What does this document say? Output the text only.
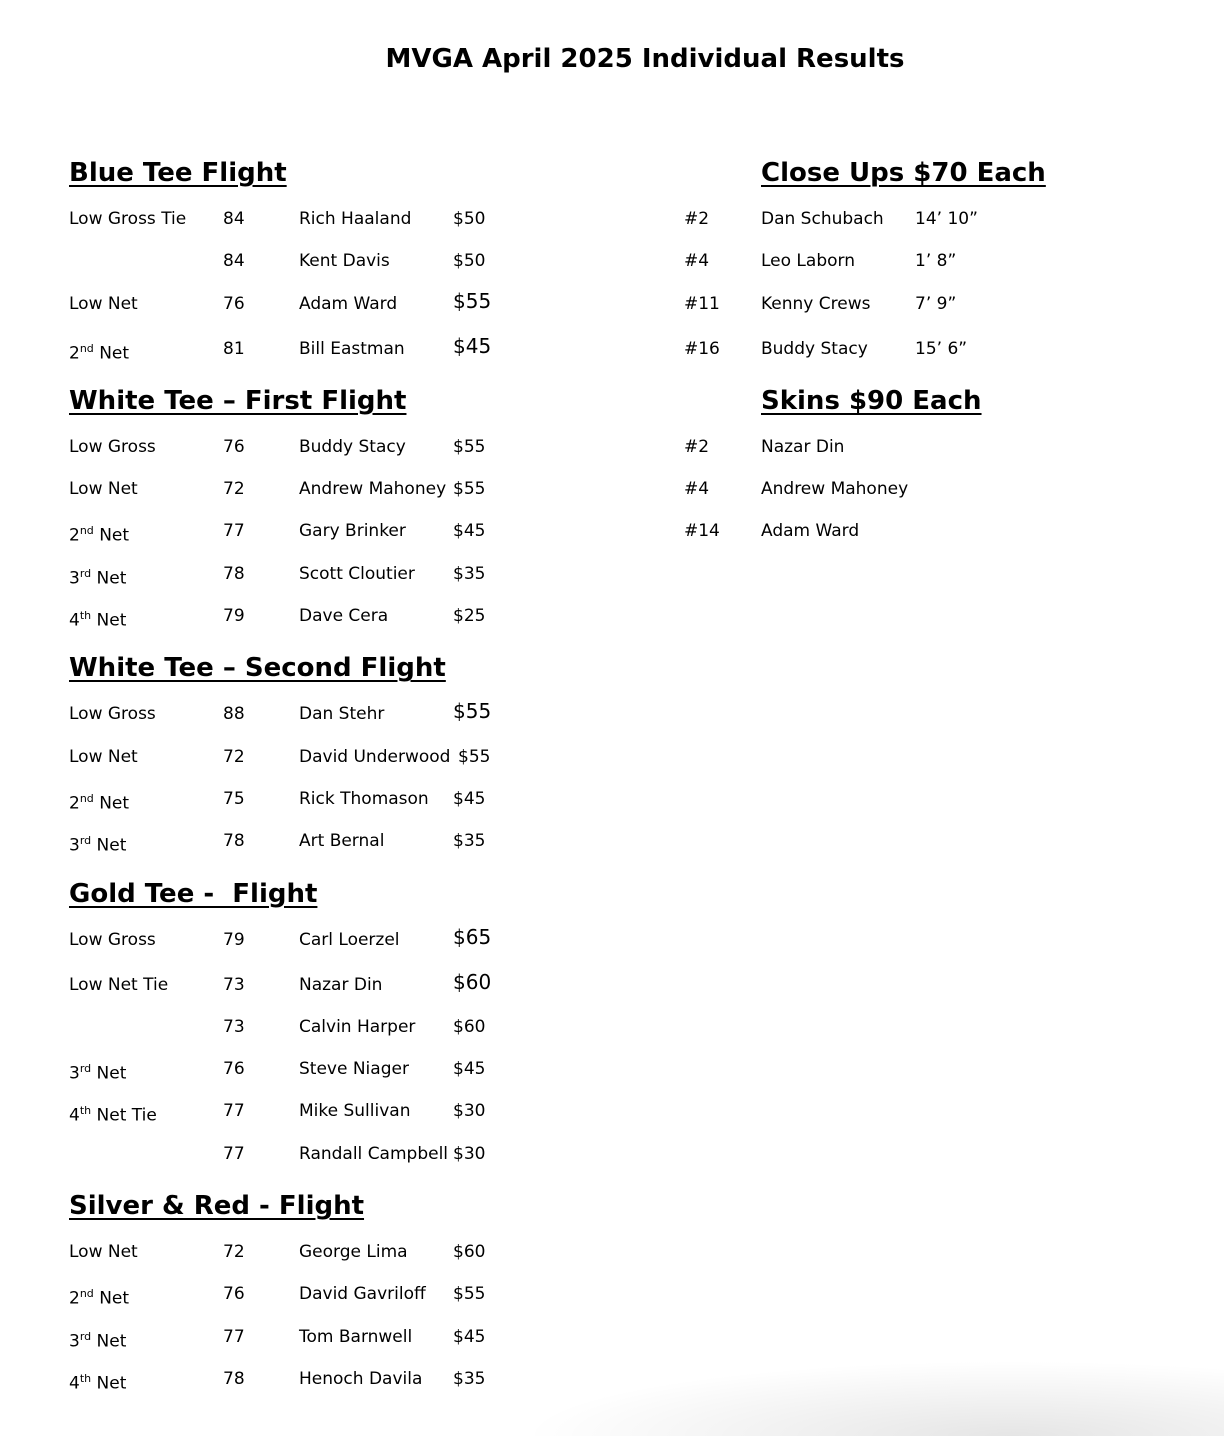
MVGA April 2025 Individual Results
Blue Tee Flight
Low Gross Tie 84	Rich Haaland $50
84	Kent Davis	$50
Low Net	76	Adam Ward	$55
2nd Net	81	Bill Eastman $45
White Tee – First Flight
Low Gross	76	Buddy Stacy	$55
Low Net	72	Andrew Mahoney $55
2nd Net	77	Gary Brinker	$45
3rd Net	78	Scott Cloutier $35
4th Net	79	Dave Cera	$25
White Tee – Second Flight
Low Gross	88	Dan Stehr	$55
Low Net	72	David Underwood $55
2nd Net	75	Rick Thomason $45
3rd Net	78	Art Bernal	$35
Gold Tee -  Flight
Low Gross	79	Carl Loerzel	$65
Low Net Tie	73	Nazar Din	$60
73	Calvin Harper $60
3rd Net	76	Steve Niager	$45
4th Net Tie	77	Mike Sullivan	$30
77	Randall Campbell $30
Silver & Red - Flight
Low Net	72	George Lima	$60
2nd Net	76	David Gavriloff $55
3rd Net	77	Tom Barnwell $45
4th Net	78	Henoch Davila $35
Close Ups $70 Each
#2	Dan Schubach 14’ 10”
#4	Leo Laborn	1’ 8”
#11 Kenny Crews	7’ 9”
#16 Buddy Stacy	15’ 6”
Skins $90 Each
#2	Nazar Din
#4	Andrew Mahoney
#14 Adam Ward
